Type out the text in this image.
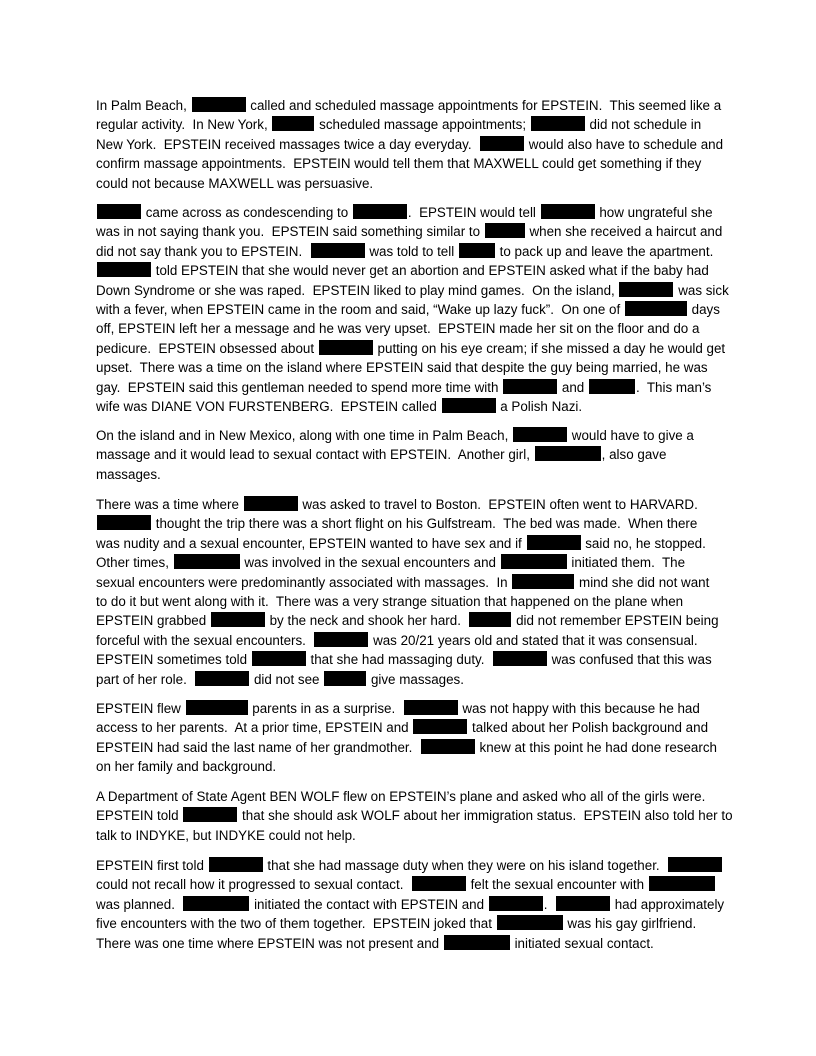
In Palm Beach,	called and scheduled massage appointments for EPSTEIN.  This seemed like a
regular activity.  In New York,	scheduled massage appointments;	did not schedule in
New York.  EPSTEIN received massages twice a day everyday.	would also have to schedule and
confirm massage appointments.  EPSTEIN would tell them that MAXWELL could get something if they
could not because MAXWELL was persuasive.
came across as condescending to	.  EPSTEIN would tell	how ungrateful she
was in not saying thank you.  EPSTEIN said something similar to	when she received a haircut and
did not say thank you to EPSTEIN.	was told to tell	to pack up and leave the apartment.
told EPSTEIN that she would never get an abortion and EPSTEIN asked what if the baby had
Down Syndrome or she was raped.  EPSTEIN liked to play mind games.  On the island,	was sick
with a fever, when EPSTEIN came in the room and said, “Wake up lazy fuck”.  On one of	days
off, EPSTEIN left her a message and he was very upset.  EPSTEIN made her sit on the floor and do a
pedicure.  EPSTEIN obsessed about	putting on his eye cream; if she missed a day he would get
upset.  There was a time on the island where EPSTEIN said that despite the guy being married, he was
gay.  EPSTEIN said this gentleman needed to spend more time with	and	.  This man’s
wife was DIANE VON FURSTENBERG.  EPSTEIN called	a Polish Nazi.
On the island and in New Mexico, along with one time in Palm Beach,	would have to give a
massage and it would lead to sexual contact with EPSTEIN.  Another girl,	, also gave
massages.
There was a time where	was asked to travel to Boston.  EPSTEIN often went to HARVARD.
thought the trip there was a short flight on his Gulfstream.  The bed was made.  When there
was nudity and a sexual encounter, EPSTEIN wanted to have sex and if	said no, he stopped.
Other times,	was involved in the sexual encounters and	initiated them.  The
sexual encounters were predominantly associated with massages.  In	mind she did not want
to do it but went along with it.  There was a very strange situation that happened on the plane when
EPSTEIN grabbed	by the neck and shook her hard.	did not remember EPSTEIN being
forceful with the sexual encounters.	was 20/21 years old and stated that it was consensual.
EPSTEIN sometimes told	that she had massaging duty.	was confused that this was
part of her role.	did not see	give massages.
EPSTEIN flew	parents in as a surprise.	was not happy with this because he had
access to her parents.  At a prior time, EPSTEIN and	talked about her Polish background and
EPSTEIN had said the last name of her grandmother.	knew at this point he had done research
on her family and background.
A Department of State Agent BEN WOLF flew on EPSTEIN’s plane and asked who all of the girls were.
EPSTEIN told	that she should ask WOLF about her immigration status.  EPSTEIN also told her to
talk to INDYKE, but INDYKE could not help.
EPSTEIN first told	that she had massage duty when they were on his island together.
could not recall how it progressed to sexual contact.	felt the sexual encounter with
was planned.	initiated the contact with EPSTEIN and	.	had approximately
five encounters with the two of them together.  EPSTEIN joked that	was his gay girlfriend.
There was one time where EPSTEIN was not present and	initiated sexual contact.
